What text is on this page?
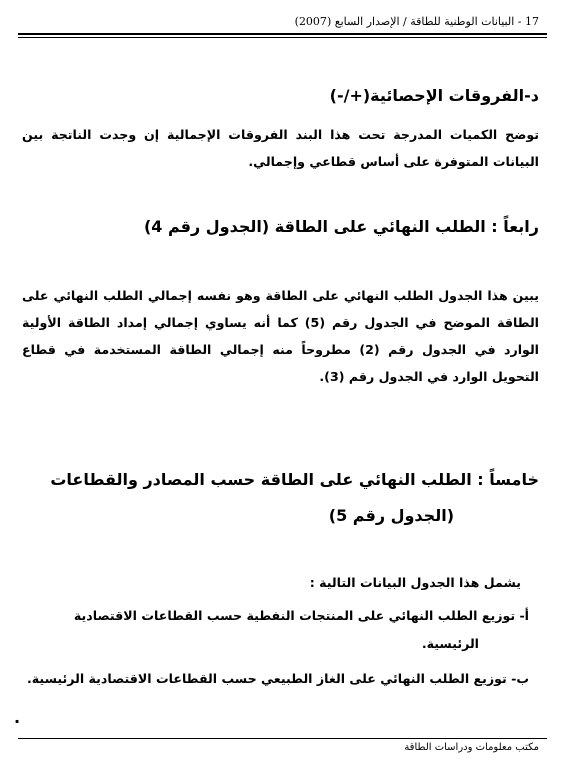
17 - البيانات الوطنية للطاقة / الإصدار السابع (2007)
د-الفروقات الإحصائية(+/-)
توضح الكميات المدرجة تحت هذا البند الفروقات الإجمالية إن وجدت الناتجة بين البيانات المتوفرة على أساس قطاعي وإجمالي.
رابعاً : الطلب النهائي على الطاقة (الجدول رقم 4)
يبين هذا الجدول الطلب النهائي على الطاقة وهو نفسه إجمالي الطلب النهائي على الطاقة الموضح في الجدول رقم (5) كما أنه يساوي إجمالي إمداد الطاقة الأولية الوارد في الجدول رقم (2) مطروحاً منه إجمالي الطاقة المستخدمة في قطاع التحويل الوارد في الجدول رقم (3).
خامساً : الطلب النهائي على الطاقة حسب المصادر والقطاعات
(الجدول رقم 5)
يشمل هذا الجدول البيانات التالية :
أ- توزيع الطلب النهائي على المنتجات النفطية حسب القطاعات الاقتصادية
الرئيسية.
ب- توزيع الطلب النهائي على الغاز الطبيعي حسب القطاعات الاقتصادية الرئيسية.
.
مكتب معلومات ودراسات الطاقة
